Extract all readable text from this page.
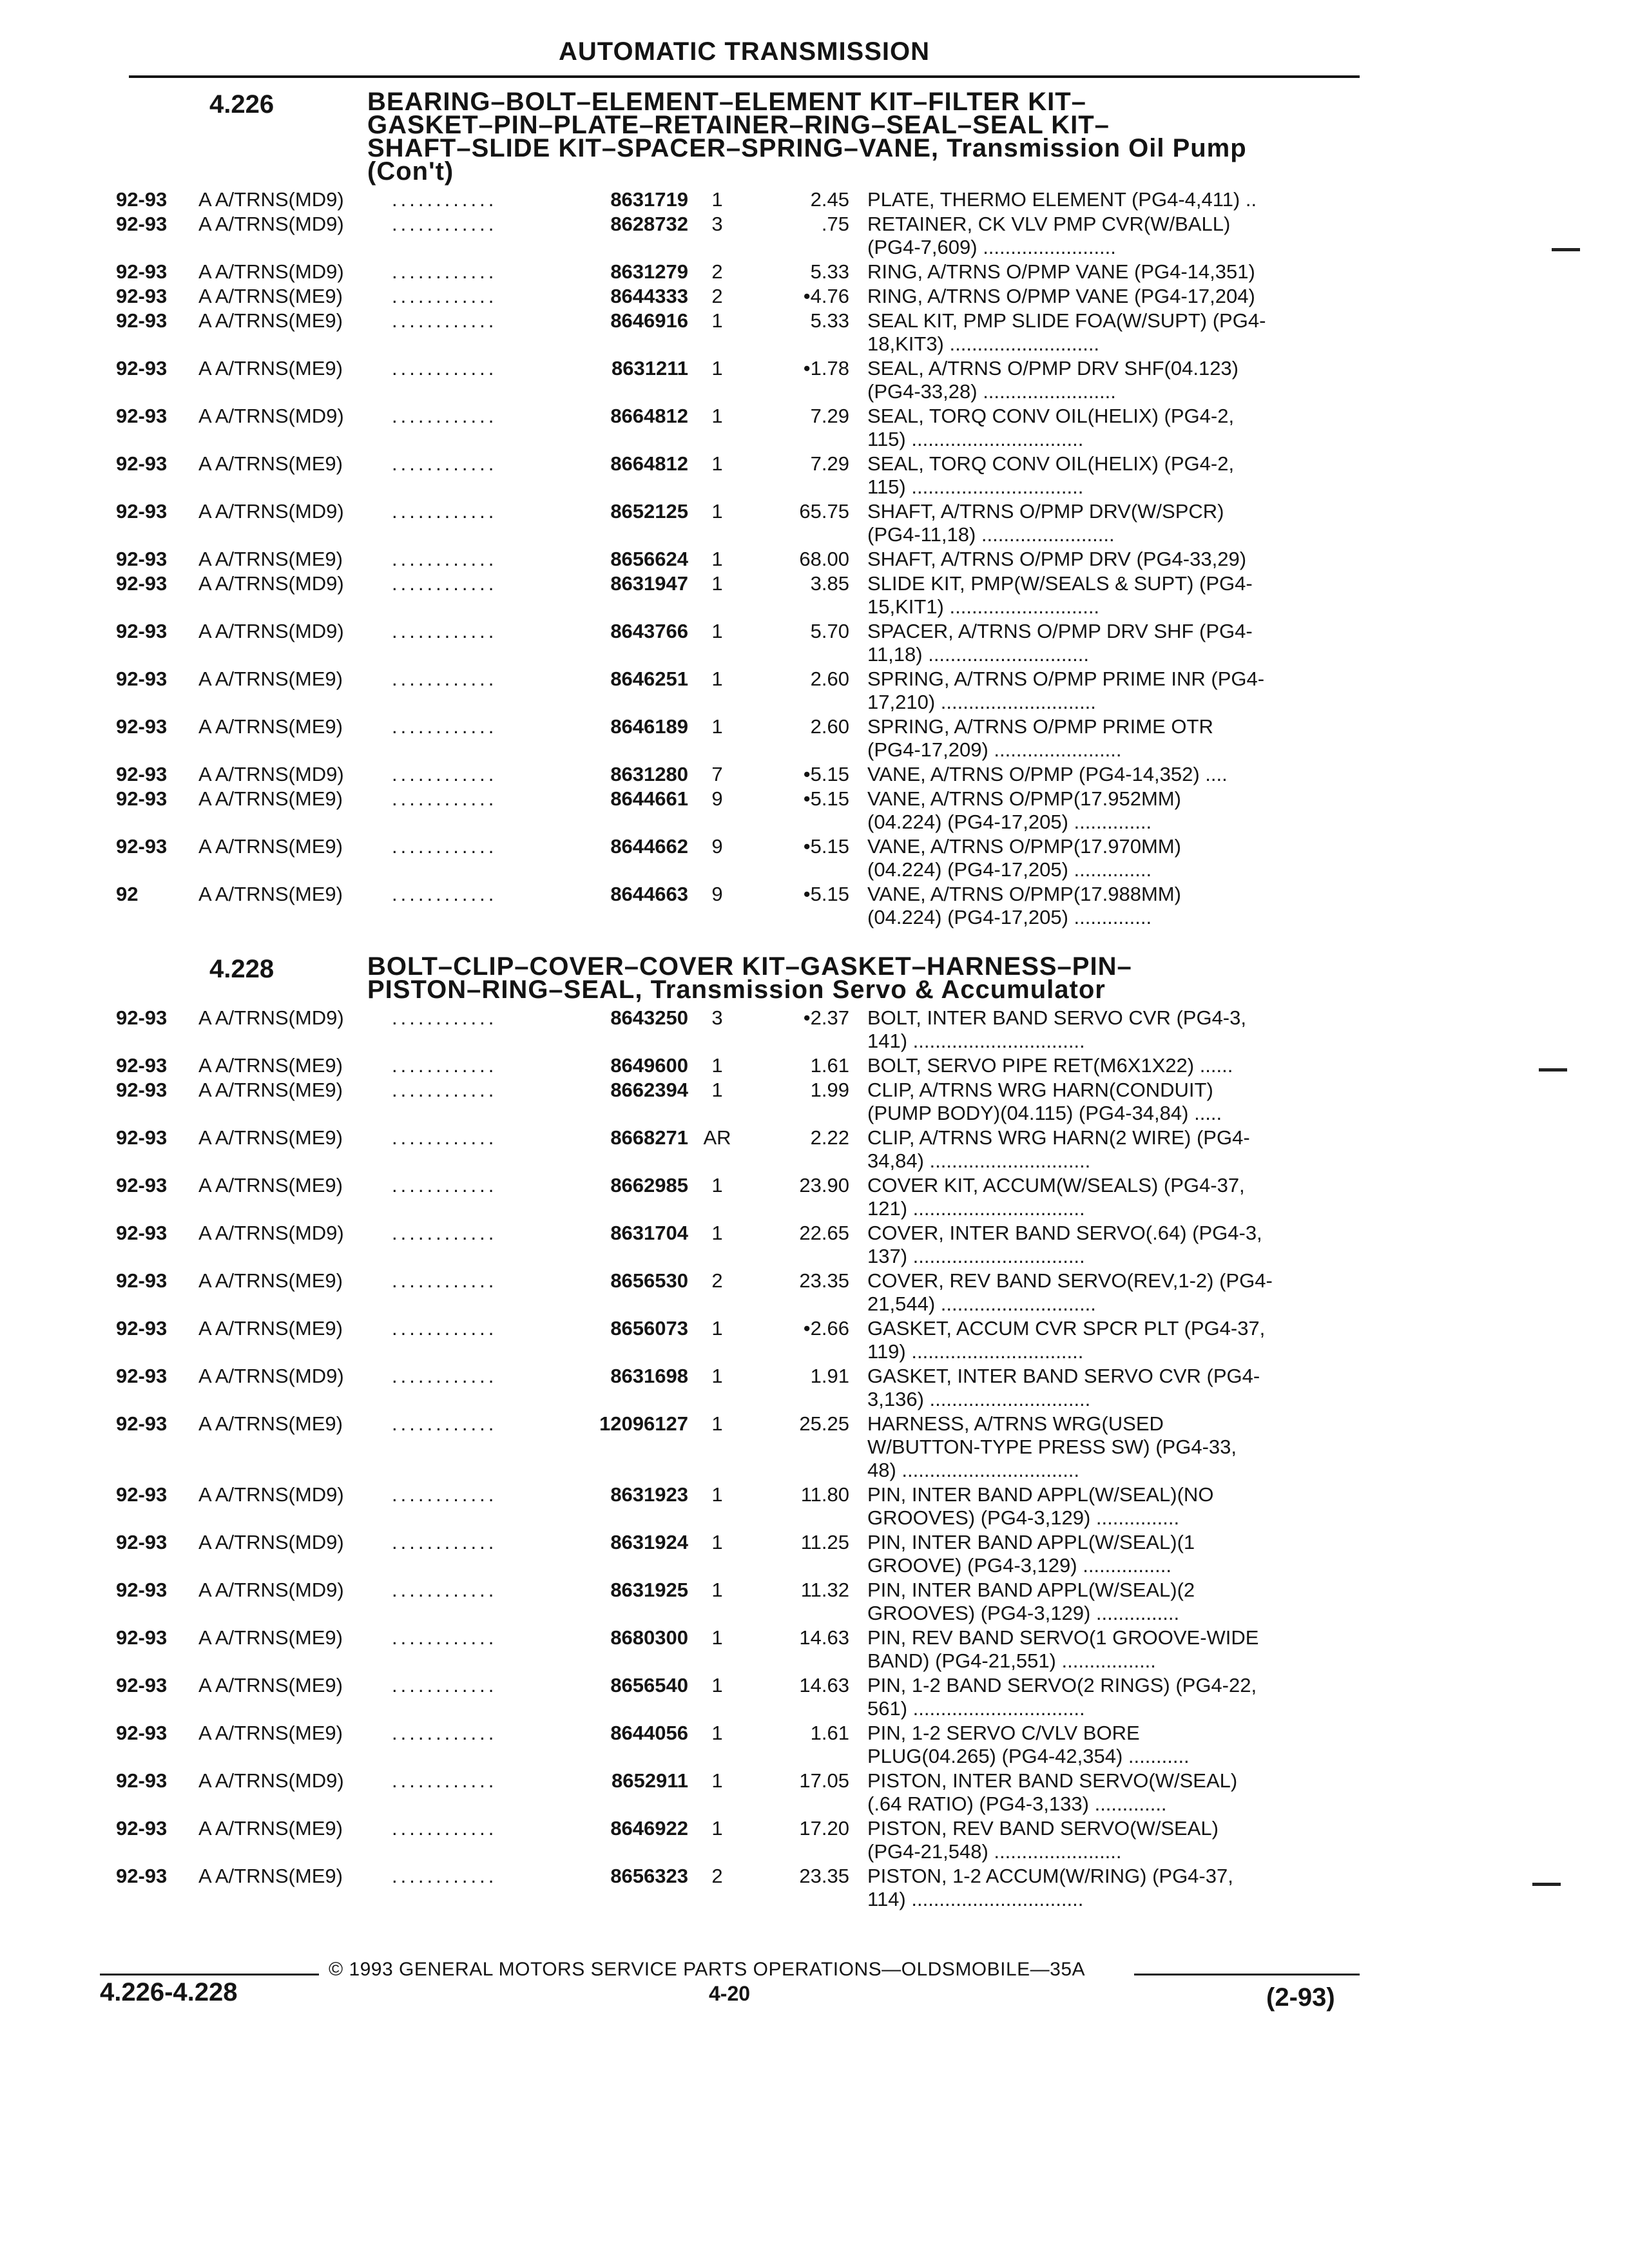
AUTOMATIC TRANSMISSION
4.226	BEARING–BOLT–ELEMENT–ELEMENT KIT–FILTER KIT–
GASKET–PIN–PLATE–RETAINER–RING–SEAL–SEAL KIT–
SHAFT–SLIDE KIT–SPACER–SPRING–VANE, Transmission Oil Pump
(Con't)
92-93	A A/TRNS(MD9)	............	8631719	1	2.45 PLATE, THERMO ELEMENT (PG4-4,411) ..
92-93	A A/TRNS(MD9)	............	8628732	3	.75 RETAINER, CK VLV PMP CVR(W/BALL)
(PG4-7,609) ........................
92-93	A A/TRNS(MD9)	............	8631279	2	5.33 RING, A/TRNS O/PMP VANE (PG4-14,351)
92-93	A A/TRNS(ME9)	............	8644333	2	•4.76 RING, A/TRNS O/PMP VANE (PG4-17,204)
92-93	A A/TRNS(ME9)	............	8646916	1	5.33 SEAL KIT, PMP SLIDE FOA(W/SUPT) (PG4-
18,KIT3) ...........................
92-93	A A/TRNS(ME9)	............	8631211	1	•1.78 SEAL, A/TRNS O/PMP DRV SHF(04.123)
(PG4-33,28) ........................
92-93	A A/TRNS(MD9)	............	8664812	1	7.29 SEAL, TORQ CONV OIL(HELIX) (PG4-2,
115) ...............................
92-93	A A/TRNS(ME9)	............	8664812	1	7.29 SEAL, TORQ CONV OIL(HELIX) (PG4-2,
115) ...............................
92-93	A A/TRNS(MD9)	............	8652125	1	65.75 SHAFT, A/TRNS O/PMP DRV(W/SPCR)
(PG4-11,18) ........................
92-93	A A/TRNS(ME9)	............	8656624	1	68.00 SHAFT, A/TRNS O/PMP DRV (PG4-33,29)
92-93	A A/TRNS(MD9)	............	8631947	1	3.85 SLIDE KIT, PMP(W/SEALS & SUPT) (PG4-
15,KIT1) ...........................
92-93	A A/TRNS(MD9)	............	8643766	1	5.70 SPACER, A/TRNS O/PMP DRV SHF (PG4-
11,18) .............................
92-93	A A/TRNS(ME9)	............	8646251	1	2.60 SPRING, A/TRNS O/PMP PRIME INR (PG4-
17,210) ............................
92-93	A A/TRNS(ME9)	............	8646189	1	2.60 SPRING, A/TRNS O/PMP PRIME OTR
(PG4-17,209) .......................
92-93	A A/TRNS(MD9)	............	8631280	7	•5.15 VANE, A/TRNS O/PMP (PG4-14,352) ....
92-93	A A/TRNS(ME9)	............	8644661	9	•5.15 VANE, A/TRNS O/PMP(17.952MM)
(04.224) (PG4-17,205) ..............
92-93	A A/TRNS(ME9)	............	8644662	9	•5.15 VANE, A/TRNS O/PMP(17.970MM)
(04.224) (PG4-17,205) ..............
92	A A/TRNS(ME9)	............	8644663	9	•5.15 VANE, A/TRNS O/PMP(17.988MM)
(04.224) (PG4-17,205) ..............
4.228	BOLT–CLIP–COVER–COVER KIT–GASKET–HARNESS–PIN–
PISTON–RING–SEAL, Transmission Servo & Accumulator
92-93	A A/TRNS(MD9)	............	8643250	3	•2.37 BOLT, INTER BAND SERVO CVR (PG4-3,
141) ...............................
92-93	A A/TRNS(ME9)	............	8649600	1	1.61 BOLT, SERVO PIPE RET(M6X1X22) ......
92-93	A A/TRNS(ME9)	............	8662394	1	1.99 CLIP, A/TRNS WRG HARN(CONDUIT)
(PUMP BODY)(04.115) (PG4-34,84) .....
92-93	A A/TRNS(ME9)	............	8668271 AR	2.22 CLIP, A/TRNS WRG HARN(2 WIRE) (PG4-
34,84) .............................
92-93	A A/TRNS(ME9)	............	8662985	1	23.90 COVER KIT, ACCUM(W/SEALS) (PG4-37,
121) ...............................
92-93	A A/TRNS(MD9)	............	8631704	1	22.65 COVER, INTER BAND SERVO(.64) (PG4-3,
137) ...............................
92-93	A A/TRNS(ME9)	............	8656530	2	23.35 COVER, REV BAND SERVO(REV,1-2) (PG4-
21,544) ............................
92-93	A A/TRNS(ME9)	............	8656073	1	•2.66 GASKET, ACCUM CVR SPCR PLT (PG4-37,
119) ...............................
92-93	A A/TRNS(MD9)	............	8631698	1	1.91 GASKET, INTER BAND SERVO CVR (PG4-
3,136) .............................
92-93	A A/TRNS(ME9)	............	12096127	1	25.25 HARNESS, A/TRNS WRG(USED
W/BUTTON-TYPE PRESS SW) (PG4-33,
48) ................................
92-93	A A/TRNS(MD9)	............	8631923	1	11.80 PIN, INTER BAND APPL(W/SEAL)(NO
GROOVES) (PG4-3,129) ...............
92-93	A A/TRNS(MD9)	............	8631924	1	11.25 PIN, INTER BAND APPL(W/SEAL)(1
GROOVE) (PG4-3,129) ................
92-93	A A/TRNS(MD9)	............	8631925	1	11.32 PIN, INTER BAND APPL(W/SEAL)(2
GROOVES) (PG4-3,129) ...............
92-93	A A/TRNS(ME9)	............	8680300	1	14.63 PIN, REV BAND SERVO(1 GROOVE-WIDE
BAND) (PG4-21,551) .................
92-93	A A/TRNS(ME9)	............	8656540	1	14.63 PIN, 1-2 BAND SERVO(2 RINGS) (PG4-22,
561) ...............................
92-93	A A/TRNS(ME9)	............	8644056	1	1.61 PIN, 1-2 SERVO C/VLV BORE
PLUG(04.265) (PG4-42,354) ...........
92-93	A A/TRNS(MD9)	............	8652911	1	17.05 PISTON, INTER BAND SERVO(W/SEAL)
(.64 RATIO) (PG4-3,133) .............
92-93	A A/TRNS(ME9)	............	8646922	1	17.20 PISTON, REV BAND SERVO(W/SEAL)
(PG4-21,548) .......................
92-93	A A/TRNS(ME9)	............	8656323	2	23.35 PISTON, 1-2 ACCUM(W/RING) (PG4-37,
114) ...............................
© 1993 GENERAL MOTORS SERVICE PARTS OPERATIONS—OLDSMOBILE—35A
4.226-4.228	4-20	(2-93)
